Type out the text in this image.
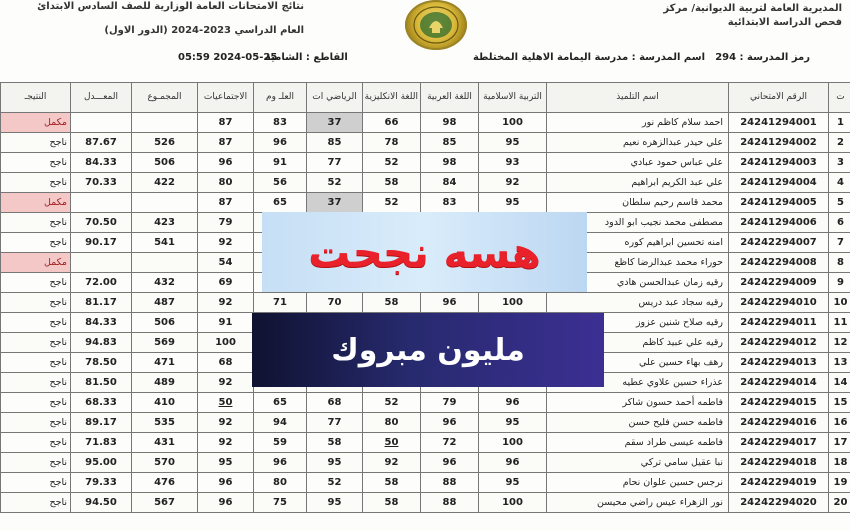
المديرية العامة لتربية الديوانية/ مركز
فحص الدراسة الابتدائية
نتائج الامتحانات العامة الوزارية للصف السادس الابتدائ
العام الدراسي 2023-2024 (الدور الاول)
رمز المدرسة : 294
اسم المدرسة : مدرسة اليمامة الاهلية المختلطة
القاطع : الشامية
05:59 2024-05-25
ت	الرقم الامتحاني	اسم التلميذ	التربية الاسلامية	اللغة العربية	اللغة الانكليزية	الرياضي ات	العلـ وم	الاجتماعيات	المجمـوع	المعـــدل	النتيجـ
1	24241294001	احمد سلام كاظم نور	100	98	66	37	83	87			مكمل
2	24241294002	علي حيدر عبدالزهره نعيم	95	85	78	85	96	87	526	87.67	ناجح
3	24241294003	علي عباس حمود عبادي	93	98	52	77	91	96	506	84.33	ناجح
4	24241294004	علي عبد الكريم ابراهيم	92	84	58	52	56	80	422	70.33	ناجح
5	24241294005	محمد قاسم رحيم سلطان	95	83	52	37	65	87			مكمل
6	24241294006	مصطفى محمد نجيب ابو الدود						79	423	70.50	ناجح
7	24242294007	امنه تحسين ابراهيم كوره						92	541	90.17	ناجح
8	24242294008	حوراء محمد عبدالرضا كاظع						54			مكمل
9	24242294009	رقيه زمان عبدالحسن هادي						69	432	72.00	ناجح
10	24242294010	رقيه سجاد عبد دريس	100	96	58	70	71	92	487	81.17	ناجح
11	24242294011	رقيه صلاح شنين عزوز						91	506	84.33	ناجح
12	24242294012	رقيه علي عبيد كاظم						100	569	94.83	ناجح
13	24242294013	رهف بهاء حسين علي						68	471	78.50	ناجح
14	24242294014	عذراء حسين علاوي عطيه						92	489	81.50	ناجح
15	24242294015	فاطمه أحمد حسون شاكر	96	79	52	68	65	50	410	68.33	ناجح
16	24242294016	فاطمه حسن فليح حسن	95	96	80	77	94	92	535	89.17	ناجح
17	24242294017	فاطمه عيسى طراد سقم	100	72	50	58	59	92	431	71.83	ناجح
18	24242294018	نبا عقيل سامي تركي	96	96	92	95	96	95	570	95.00	ناجح
19	24242294019	نرجس حسين علوان نحام	95	88	58	52	80	96	476	79.33	ناجح
20	24242294020	نور الزهراء عيس راضي محيسن	100	88	58	95	75	96	567	94.50	ناجح
هسه نجحت
مليون مبروك
